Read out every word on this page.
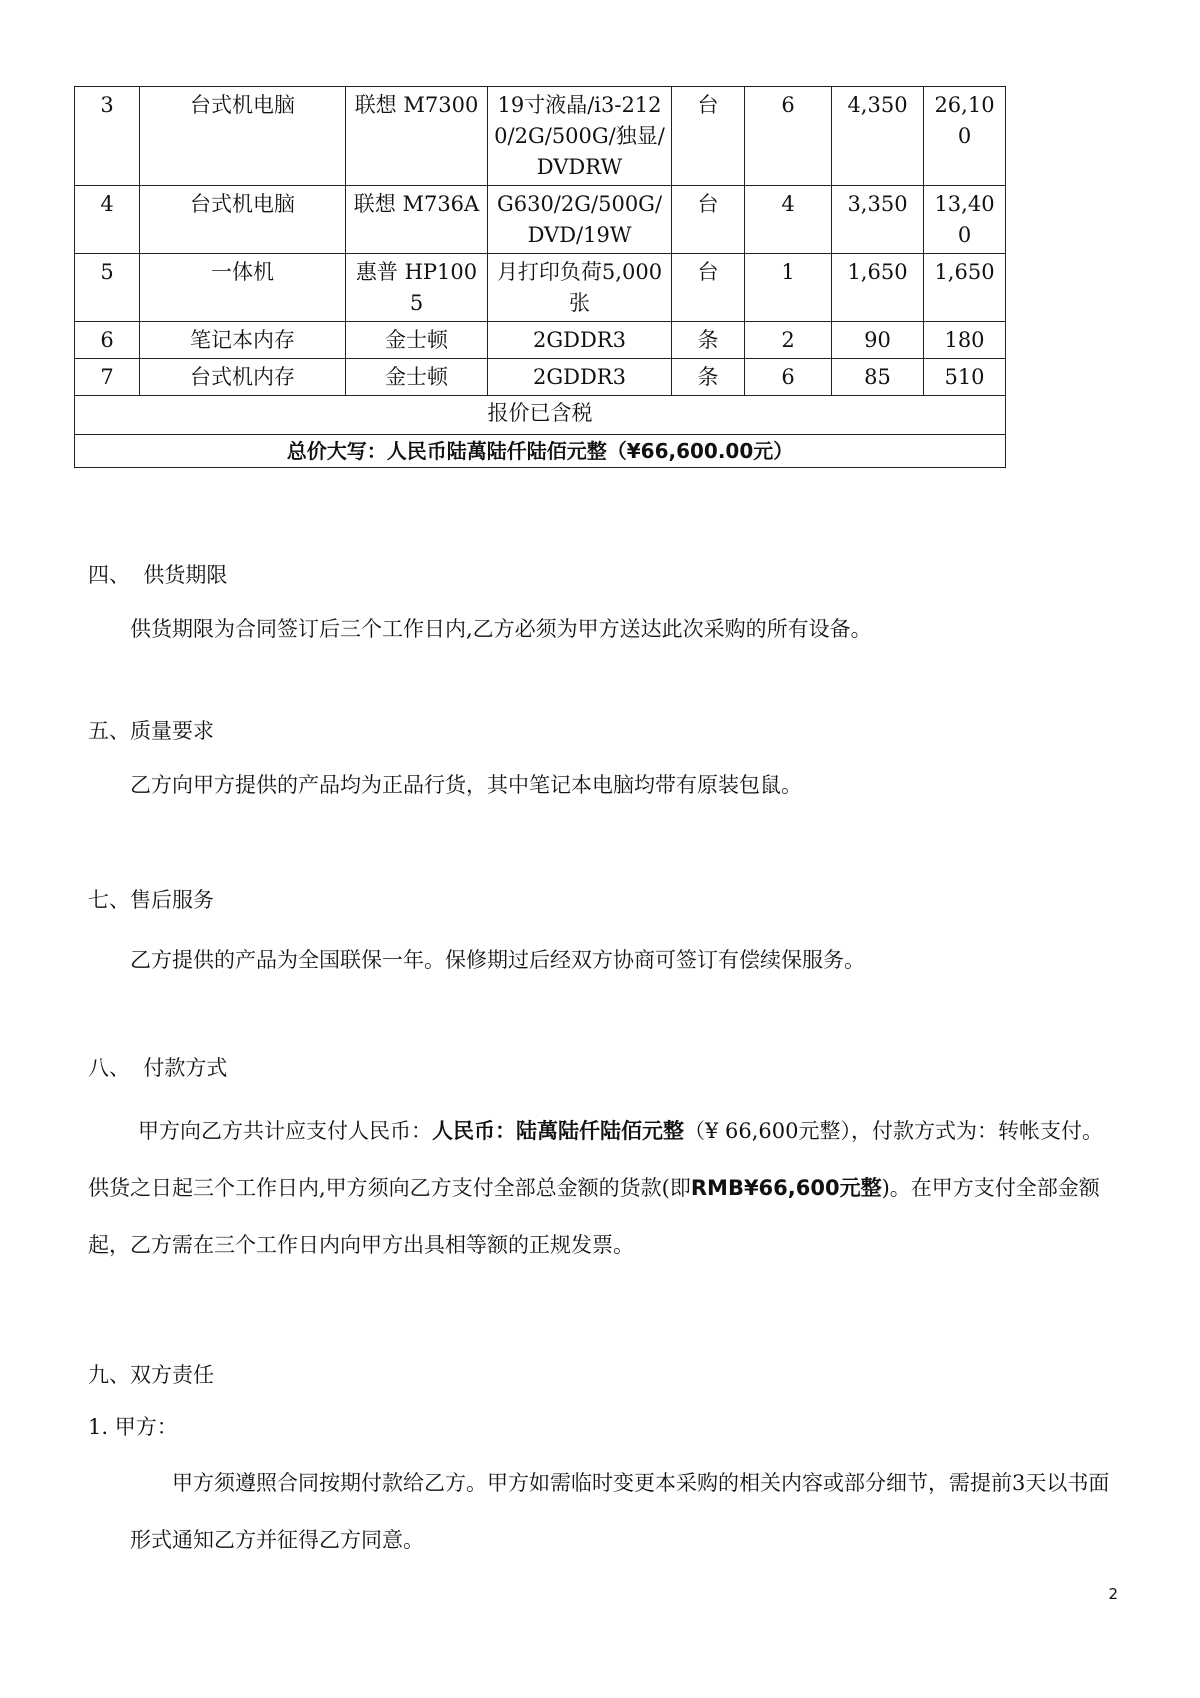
3	台式机电脑	联想 M7300	19寸液晶/i3-2120/2G/500G/独显/DVDRW	台	6	4,350	26,100
4	台式机电脑	联想 M736A	G630/2G/500G/DVD/19W	台	4	3,350	13,400
5	一体机	惠普 HP1005	月打印负荷5,000张	台	1	1,650	1,650
6	笔记本内存	金士顿	2GDDR3	条	2	90	180
7	台式机内存	金士顿	2GDDR3	条	6	85	510
报价已含税							
总价大写：人民币陆萬陆仟陆佰元整（¥66,600.00元）							
四、  供货期限
供货期限为合同签订后三个工作日内,乙方必须为甲方送达此次采购的所有设备。
五、质量要求
乙方向甲方提供的产品均为正品行货，其中笔记本电脑均带有原装包鼠。
七、售后服务
乙方提供的产品为全国联保一年。保修期过后经双方协商可签订有偿续保服务。
八、  付款方式
甲方向乙方共计应支付人民币：人民币：陆萬陆仟陆佰元整（¥ 66,600元整），付款方式为：转帐支付。供货之日起三个工作日内,甲方须向乙方支付全部总金额的货款(即RMB¥66,600元整)。在甲方支付全部金额起，乙方需在三个工作日内向甲方出具相等额的正规发票。
九、双方责任
1. 甲方：
甲方须遵照合同按期付款给乙方。甲方如需临时变更本采购的相关内容或部分细节，需提前3天以书面形式通知乙方并征得乙方同意。
2
